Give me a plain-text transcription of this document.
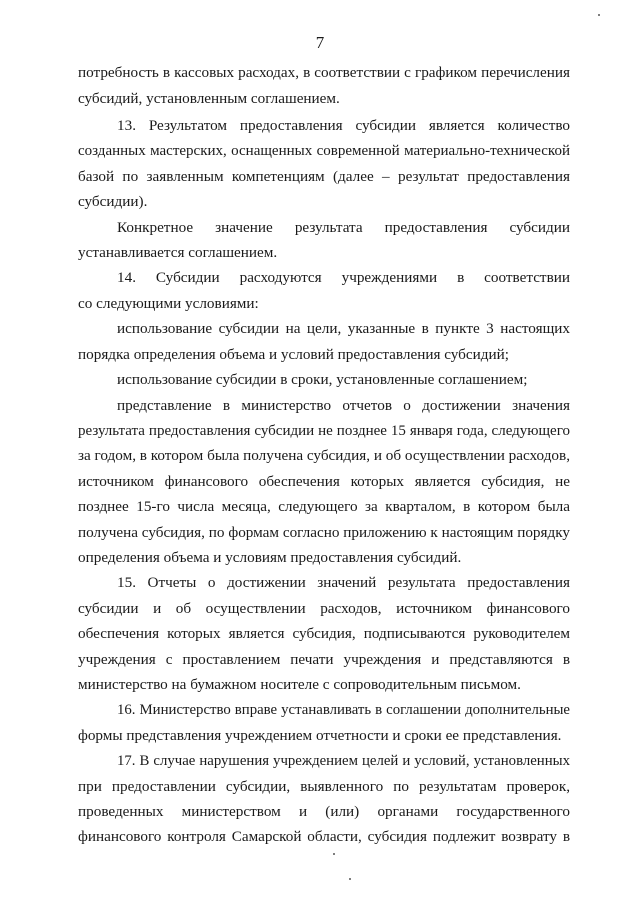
7
потребность в кассовых расходах, в соответствии с графиком перечисления
субсидий, установленным соглашением.
13. Результатом предоставления субсидии является количество
созданных мастерских, оснащенных современной материально-технической
базой по заявленным компетенциям (далее – результат предоставления
субсидии).
Конкретное значение результата предоставления субсидии
устанавливается соглашением.
14. Субсидии расходуются учреждениями в соответствии
со следующими условиями:
использование субсидии на цели, указанные в пункте 3 настоящих
порядка определения объема и условий предоставления субсидий;
использование субсидии в сроки, установленные соглашением;
представление в министерство отчетов о достижении значения
результата предоставления субсидии не позднее 15 января года, следующего
за годом, в котором была получена субсидия, и об осуществлении расходов,
источником финансового обеспечения которых является субсидия, не
позднее 15-го числа месяца, следующего за кварталом, в котором была
получена субсидия, по формам согласно приложению к настоящим порядку
определения объема и условиям предоставления субсидий.
15. Отчеты о достижении значений результата предоставления
субсидии и об осуществлении расходов, источником финансового
обеспечения которых является субсидия, подписываются руководителем
учреждения с проставлением печати учреждения и представляются в
министерство на бумажном носителе с сопроводительным письмом.
16. Министерство вправе устанавливать в соглашении дополнительные
формы представления учреждением отчетности и сроки ее представления.
17. В случае нарушения учреждением целей и условий, установленных
при предоставлении субсидии, выявленного по результатам проверок,
проведенных министерством и (или) органами государственного
финансового контроля Самарской области, субсидия подлежит возврату в
